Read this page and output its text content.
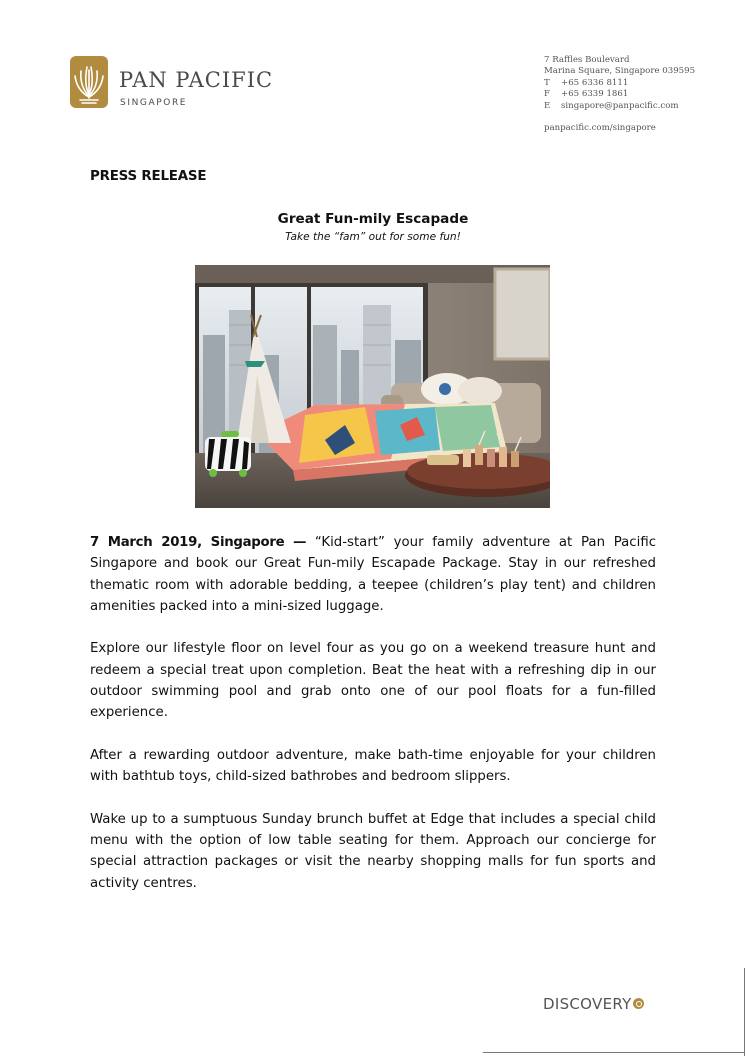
PAN PACIFIC
SINGAPORE
7 Raffles Boulevard
Marina Square, Singapore 039595
T +65 6336 8111
F +65 6339 1861
E singapore@panpacific.com
panpacific.com/singapore
PRESS RELEASE
Great Fun-mily Escapade
Take the “fam” out for some fun!

7 March 2019, Singapore — “Kid-start” your family adventure at Pan Pacific Singapore and book our Great Fun-mily Escapade Package. Stay in our refreshed thematic room with adorable bedding, a teepee (children’s play tent) and children amenities packed into a mini-sized luggage.

Explore our lifestyle floor on level four as you go on a weekend treasure hunt and redeem a special treat upon completion. Beat the heat with a refreshing dip in our outdoor swimming pool and grab onto one of our pool floats for a fun-filled experience.

After a rewarding outdoor adventure, make bath-time enjoyable for your children with bathtub toys, child-sized bathrobes and bedroom slippers.

Wake up to a sumptuous Sunday brunch buffet at Edge that includes a special child menu with the option of low table seating for them. Approach our concierge for special attraction packages or visit the nearby shopping malls for fun sports and activity centres.

DISCOVERY
